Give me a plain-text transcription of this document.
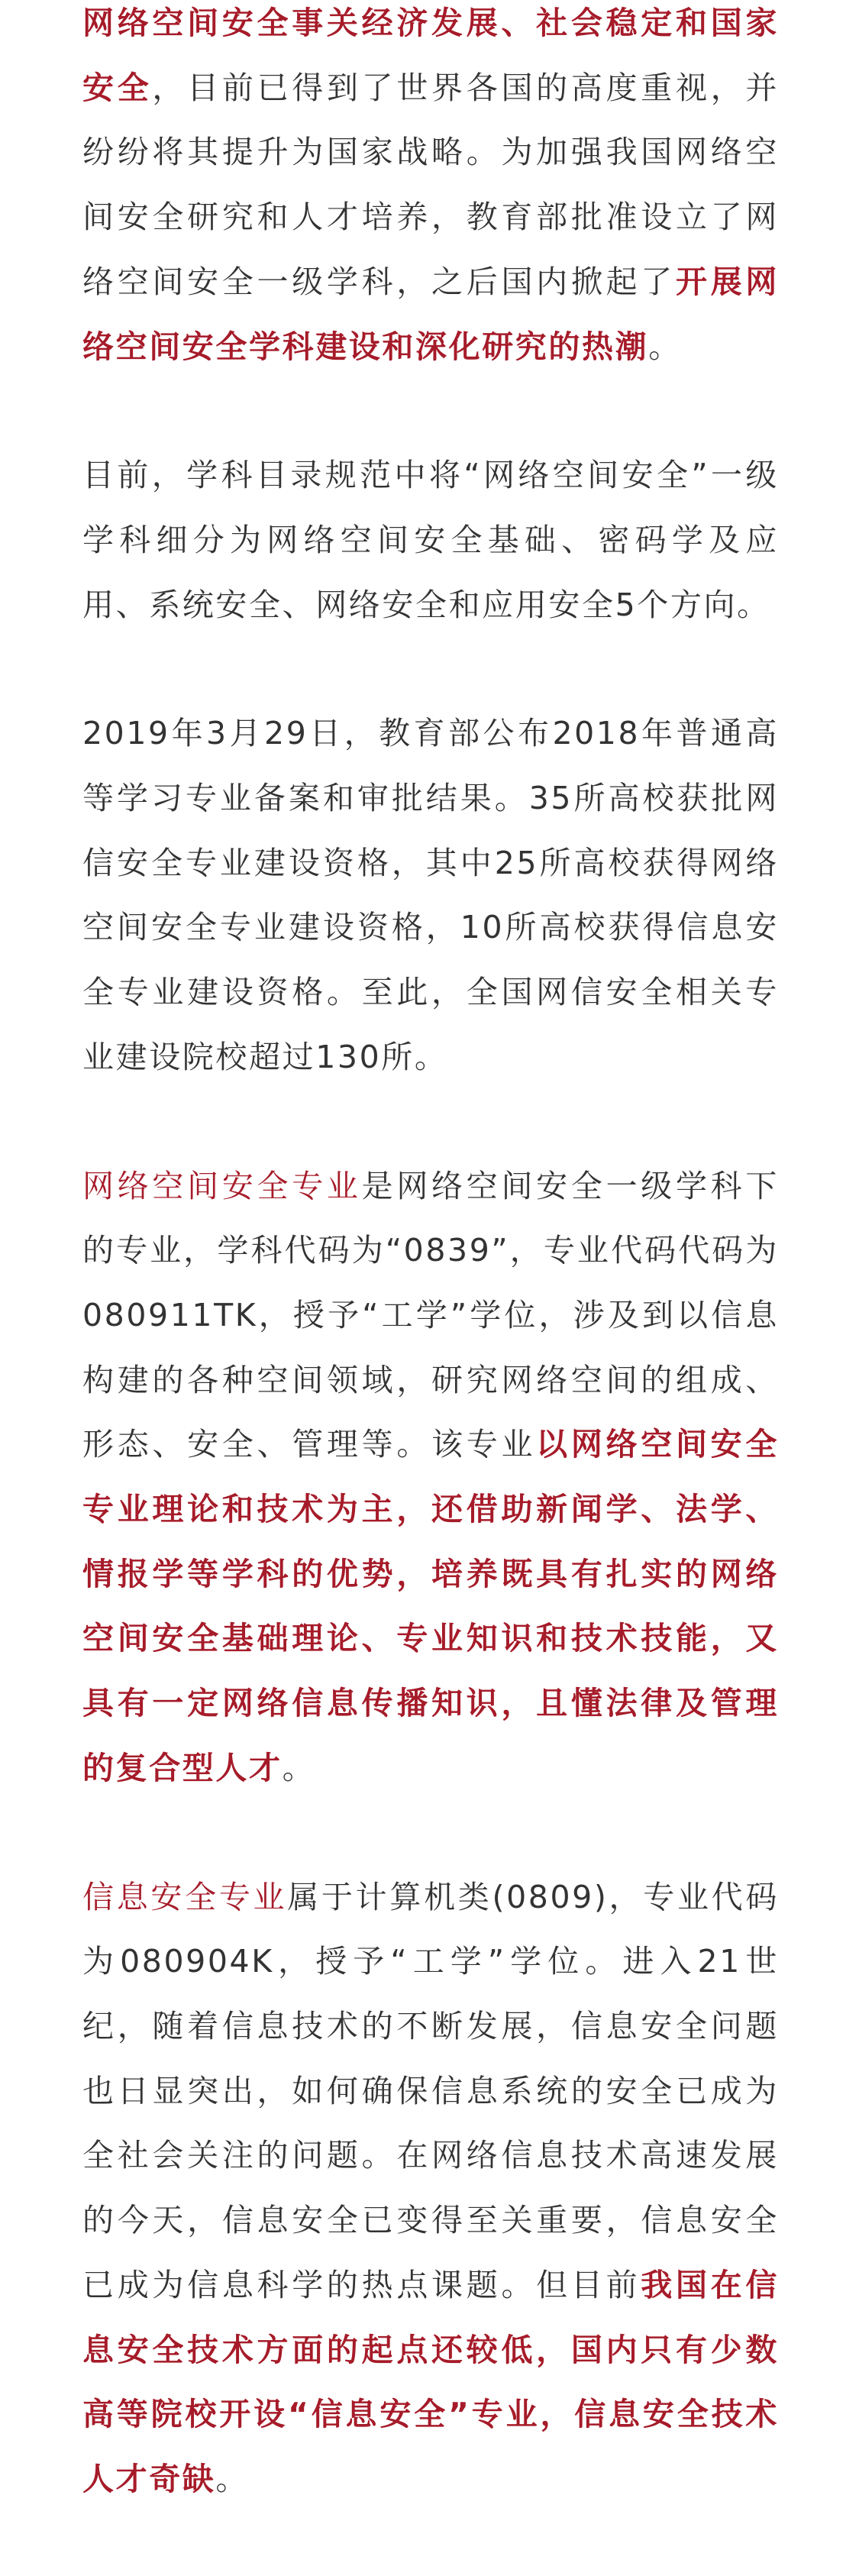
网络空间安全事关经济发展、社会稳定和国家安全，目前已得到了世界各国的高度重视，并纷纷将其提升为国家战略。为加强我国网络空间安全研究和人才培养，教育部批准设立了网络空间安全一级学科，之后国内掀起了开展网络空间安全学科建设和深化研究的热潮。

目前，学科目录规范中将“网络空间安全”一级学科细分为网络空间安全基础、密码学及应用、系统安全、网络安全和应用安全5个方向。

2019年3月29日，教育部公布2018年普通高等学习专业备案和审批结果。35所高校获批网信安全专业建设资格，其中25所高校获得网络空间安全专业建设资格，10所高校获得信息安全专业建设资格。至此，全国网信安全相关专业建设院校超过130所。

网络空间安全专业是网络空间安全一级学科下的专业，学科代码为“0839”，专业代码代码为080911TK，授予“工学”学位，涉及到以信息构建的各种空间领域，研究网络空间的组成、形态、安全、管理等。该专业以网络空间安全专业理论和技术为主，还借助新闻学、法学、情报学等学科的优势，培养既具有扎实的网络空间安全基础理论、专业知识和技术技能，又具有一定网络信息传播知识，且懂法律及管理的复合型人才。

信息安全专业属于计算机类(0809)，专业代码为080904K，授予“工学”学位。进入21世纪，随着信息技术的不断发展，信息安全问题也日显突出，如何确保信息系统的安全已成为全社会关注的问题。在网络信息技术高速发展的今天，信息安全已变得至关重要，信息安全已成为信息科学的热点课题。但目前我国在信息安全技术方面的起点还较低，国内只有少数高等院校开设“信息安全”专业，信息安全技术人才奇缺。
